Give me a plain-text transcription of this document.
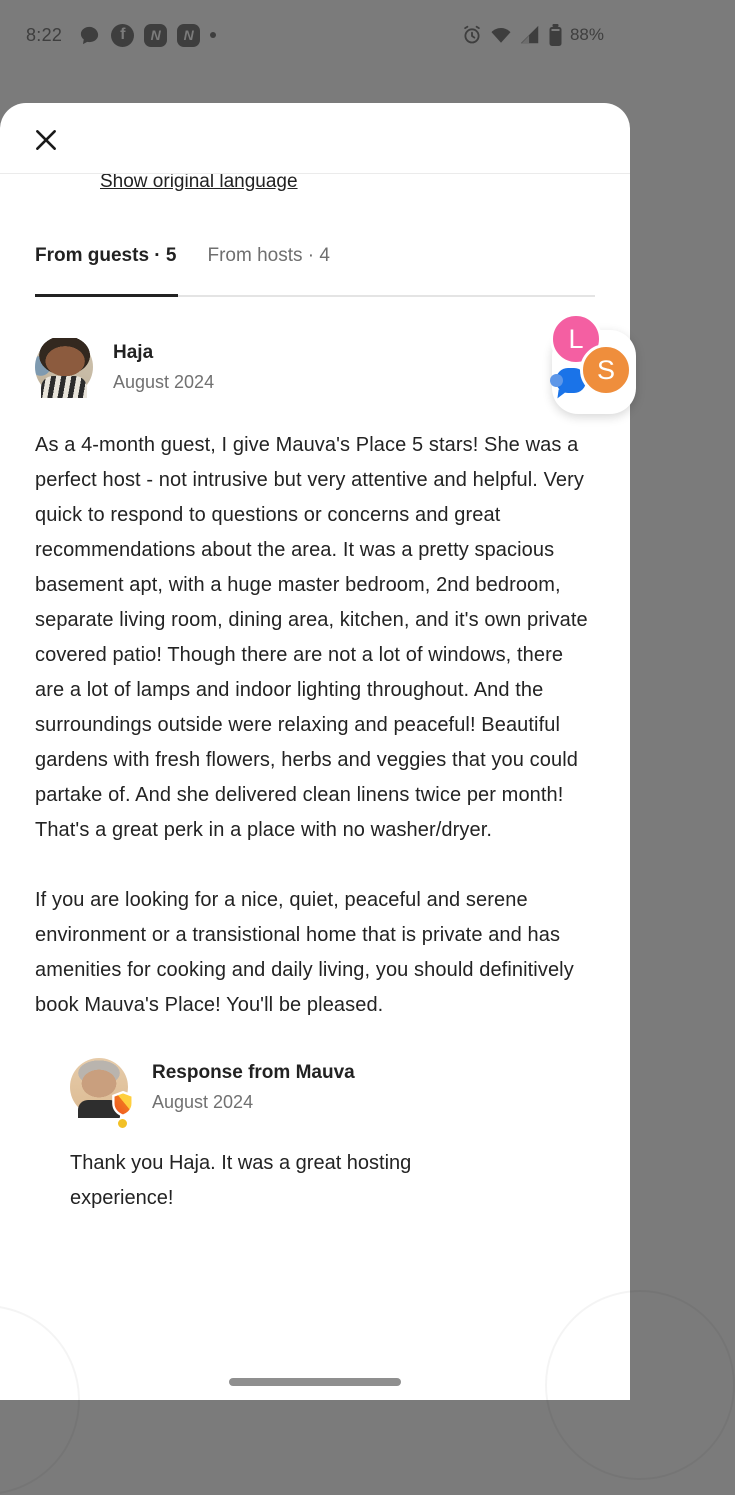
8:22	f	N	N	88%
Show original language
From guests · 5 From hosts · 4
Haja
August 2024

As a 4-month guest, I give Mauva's Place 5 stars! She was a perfect host - not intrusive but very attentive and helpful. Very quick to respond to questions or concerns and great recommendations about the area. It was a pretty spacious basement apt, with a huge master bedroom, 2nd bedroom, separate living room, dining area, kitchen, and it's own private covered patio! Though there are not a lot of windows, there are a lot of lamps and indoor lighting throughout. And the surroundings outside were relaxing and peaceful! Beautiful gardens with fresh flowers, herbs and veggies that you could partake of. And she delivered clean linens twice per month! That's a great perk in a place with no washer/dryer.

If you are looking for a nice, quiet, peaceful and serene environment or a transistional home that is private and has amenities for cooking and daily living, you should definitively book Mauva's Place! You'll be pleased.

Response from Mauva
August 2024

Thank you Haja. It was a great hosting experience!

L
S
